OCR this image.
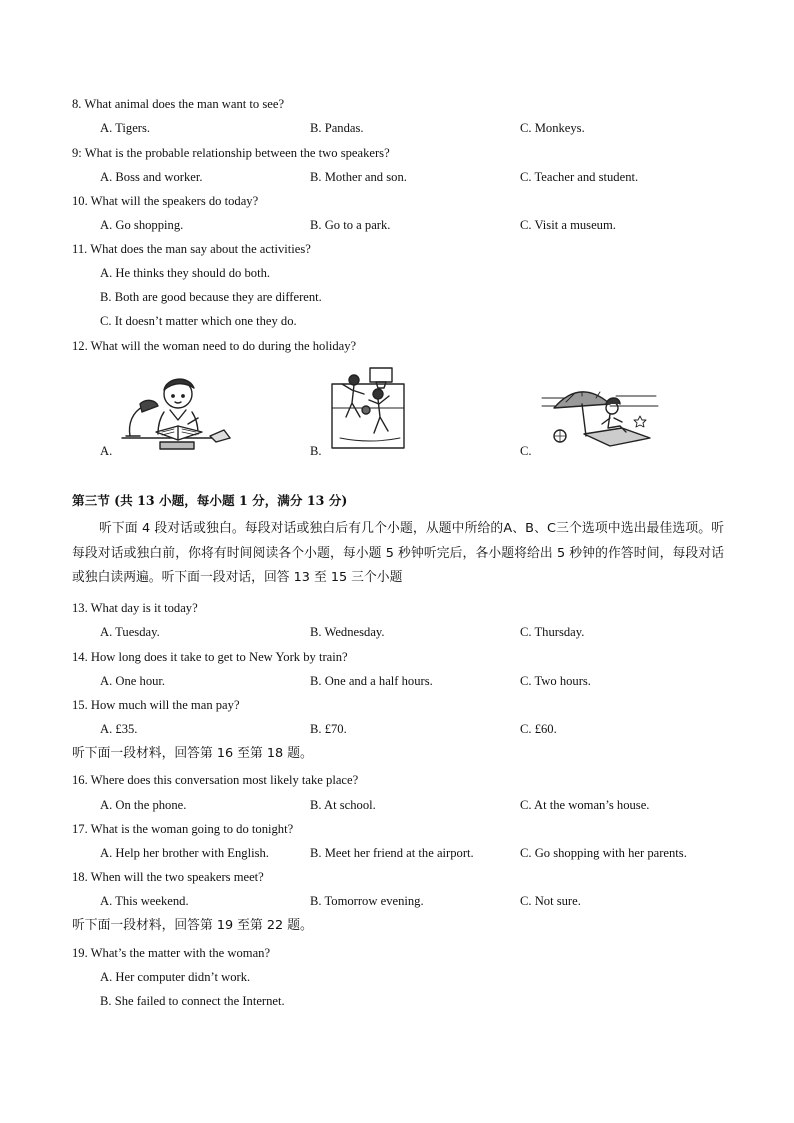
8. What animal does the man want to see?
A. Tigers.	B. Pandas.	C. Monkeys.
9: What is the probable relationship between the two speakers?
A. Boss and worker.	B. Mother and son.	C. Teacher and student.
10. What will the speakers do today?
A. Go shopping.	B. Go to a park.	C. Visit a museum.
11. What does the man say about the activities?
A. He thinks they should do both.
B. Both are good because they are different.
C. It doesn’t matter which one they do.
12. What will the woman need to do during the holiday?
A.	B.	C.
第三节 (共 13 小题，每小题 1 分，满分 13 分)
听下面 4 段对话或独白。每段对话或独白后有几个小题，从题中所给的A、B、C三个选项中选出最佳选项。听每段对话或独白前，你将有时间阅读各个小题，每小题 5 秒钟听完后，各小题将给出 5 秒钟的作答时间，每段对话或独白读两遍。听下面一段对话，回答 13 至 15 三个小题
13. What day is it today?
A. Tuesday.	B. Wednesday.	C. Thursday.
14. How long does it take to get to New York by train?
A. One hour.	B. One and a half hours.	C. Two hours.
15. How much will the man pay?
A. £35.	B. £70.	C. £60.
听下面一段材料，回答第 16 至第 18 题。
16. Where does this conversation most likely take place?
A. On the phone.	B. At school.	C. At the woman’s house.
17. What is the woman going to do tonight?
A. Help her brother with English.	B. Meet her friend at the airport.	C. Go shopping with her parents.
18. When will the two speakers meet?
A. This weekend.	B. Tomorrow evening.	C. Not sure.
听下面一段材料，回答第 19 至第 22 题。
19. What’s the matter with the woman?
A. Her computer didn’t work.
B. She failed to connect the Internet.
